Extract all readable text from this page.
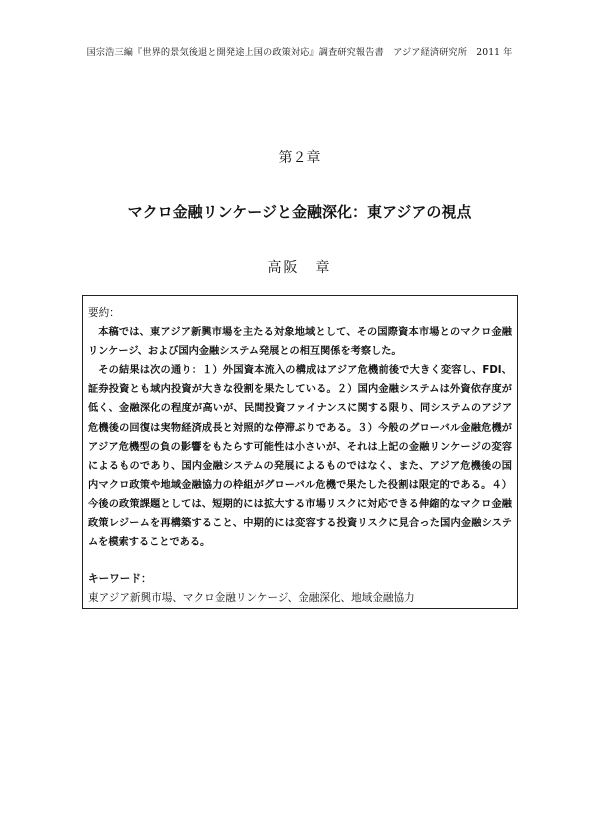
国宗浩三編『世界的景気後退と開発途上国の政策対応』調査研究報告書　アジア経済研究所　2011 年
第２章
マクロ金融リンケージと金融深化：東アジアの視点
高阪　章
要約：

本稿では、東アジア新興市場を主たる対象地域として、その国際資本市場とのマクロ金融リンケージ、および国内金融システム発展との相互関係を考察した。

その結果は次の通り：１）外国資本流入の構成はアジア危機前後で大きく変容し、FDI、証券投資とも域内投資が大きな役割を果たしている。２）国内金融システムは外資依存度が低く、金融深化の程度が高いが、民間投資ファイナンスに関する限り、同システムのアジア危機後の回復は実物経済成長と対照的な停滞ぶりである。３）今般のグローバル金融危機がアジア危機型の負の影響をもたらす可能性は小さいが、それは上記の金融リンケージの変容によるものであり、国内金融システムの発展によるものではなく、また、アジア危機後の国内マクロ政策や地域金融協力の枠組がグローバル危機で果たした役割は限定的である。４）今後の政策課題としては、短期的には拡大する市場リスクに対応できる伸縮的なマクロ金融政策レジームを再構築すること、中期的には変容する投資リスクに見合った国内金融システムを模索することである。

キーワード：
東アジア新興市場、マクロ金融リンケージ、金融深化、地域金融協力
